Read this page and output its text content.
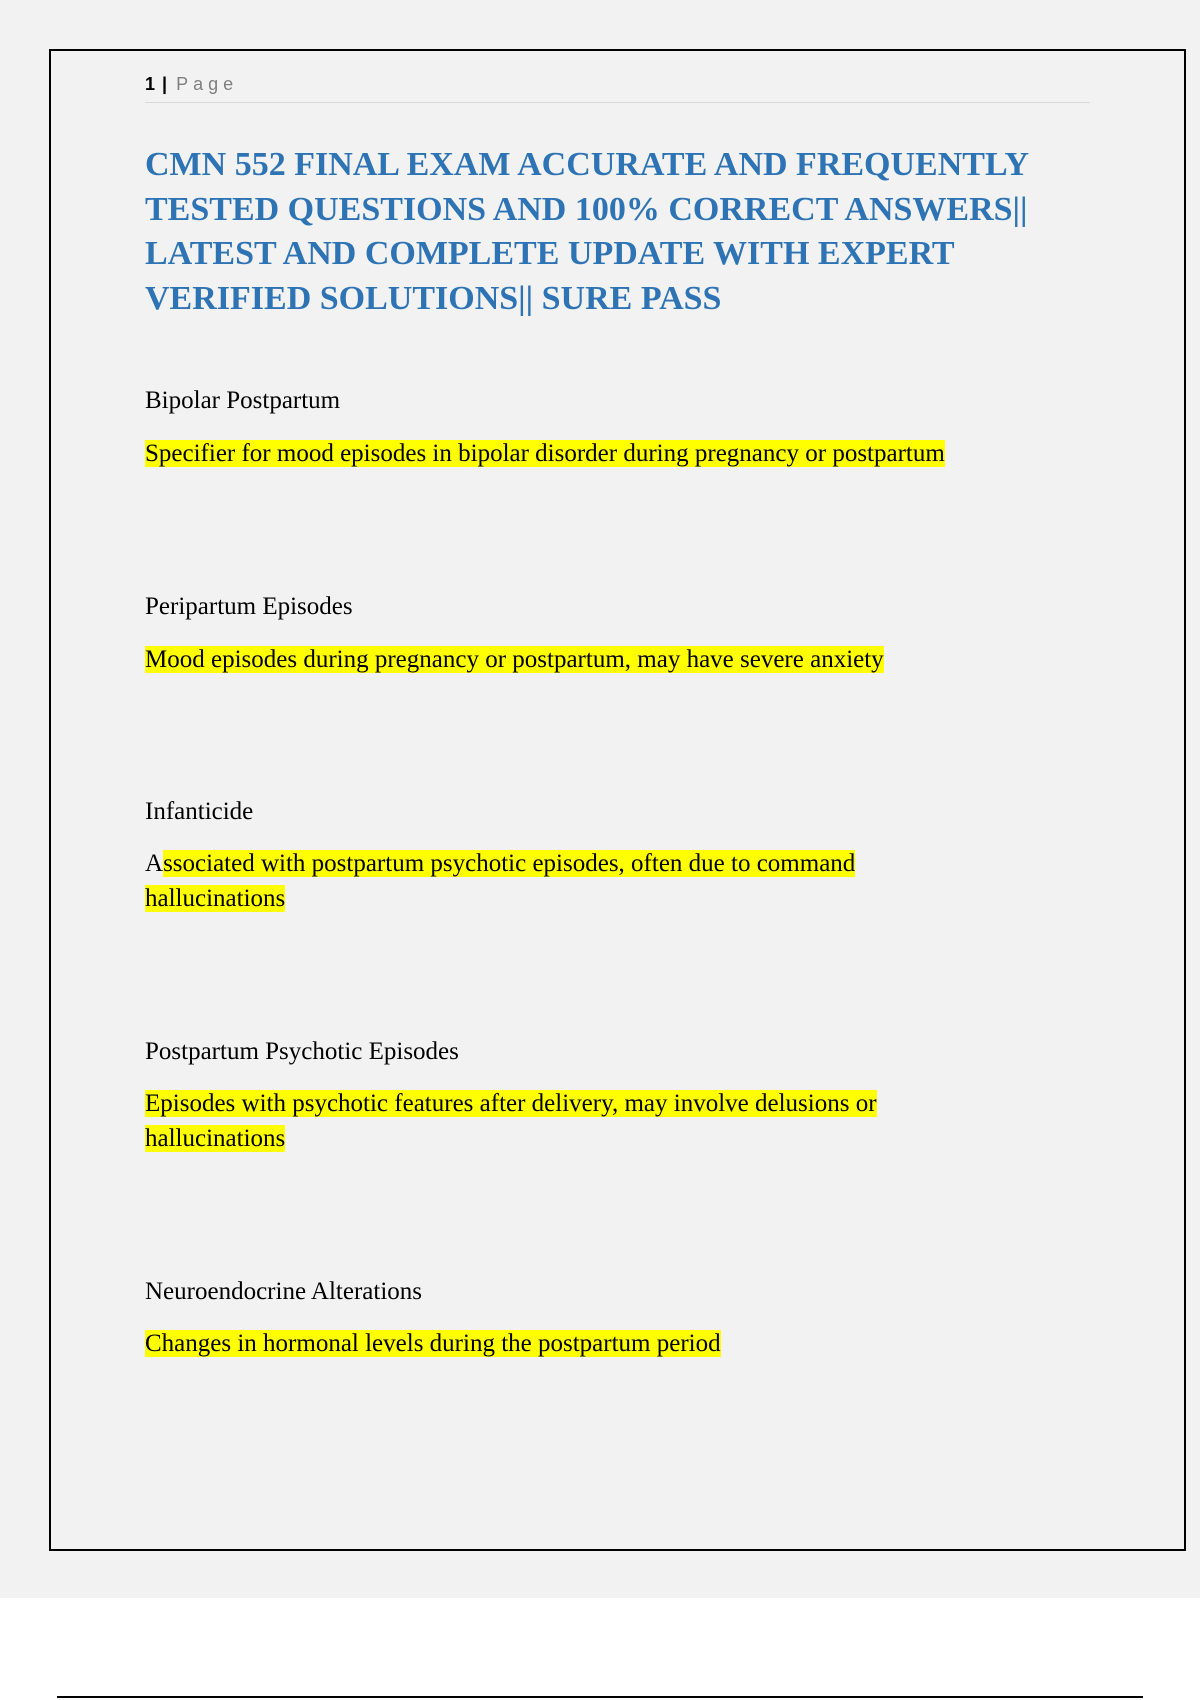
1 | Page
CMN 552 FINAL EXAM ACCURATE AND FREQUENTLY TESTED QUESTIONS AND 100% CORRECT ANSWERS|| LATEST AND COMPLETE UPDATE WITH EXPERT VERIFIED SOLUTIONS|| SURE PASS

Bipolar Postpartum

Specifier for mood episodes in bipolar disorder during pregnancy or postpartum

Peripartum Episodes

Mood episodes during pregnancy or postpartum, may have severe anxiety

Infanticide

Associated with postpartum psychotic episodes, often due to command hallucinations

Postpartum Psychotic Episodes

Episodes with psychotic features after delivery, may involve delusions or hallucinations

Neuroendocrine Alterations

Changes in hormonal levels during the postpartum period
